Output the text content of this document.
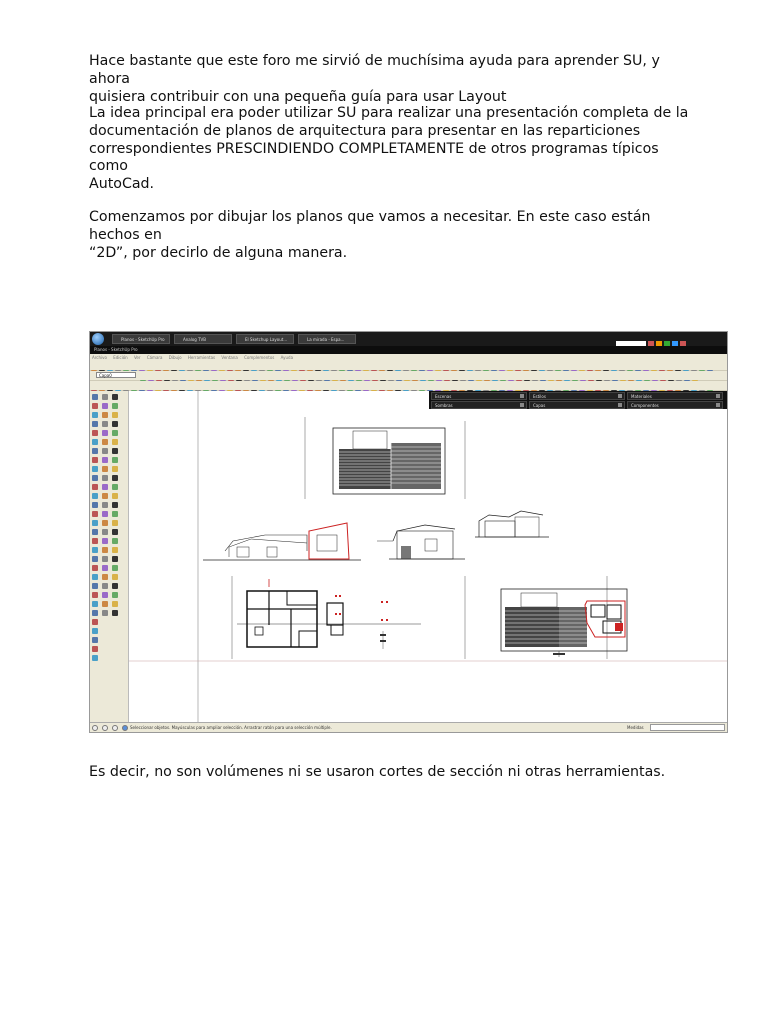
Hace bastante que este foro me sirvió de muchísima ayuda para aprender SU, y ahora
quisiera contribuir con una pequeña guía para usar Layout

La idea principal era poder utilizar SU para realizar una presentación completa de la
documentación de planos de arquitectura para presentar en las reparticiones
correspondientes PRESCINDIENDO COMPLETAMENTE de otros programas típicos como
AutoCad.

Comenzamos por dibujar los planos que vamos a necesitar. En este caso están hechos en
“2D”, por decirlo de alguna manera.

Planos - SketchUp Pro	Analog TVB	El Sketchup Layout...	La mirada - Espa...
Planos - SketchUp Pro
Archivo Edición Ver Cámara Dibujo Herramientas Ventana Complementos Ayuda
Capa0
Escenas	Estilos	Materiales
Sombras	Capas	Componentes
Seleccionar objetos. Mayúsculas para ampliar selección. Arrastrar ratón para una selección múltiple.	Medidas

Es decir, no son volúmenes ni se usaron cortes de sección ni otras herramientas.
